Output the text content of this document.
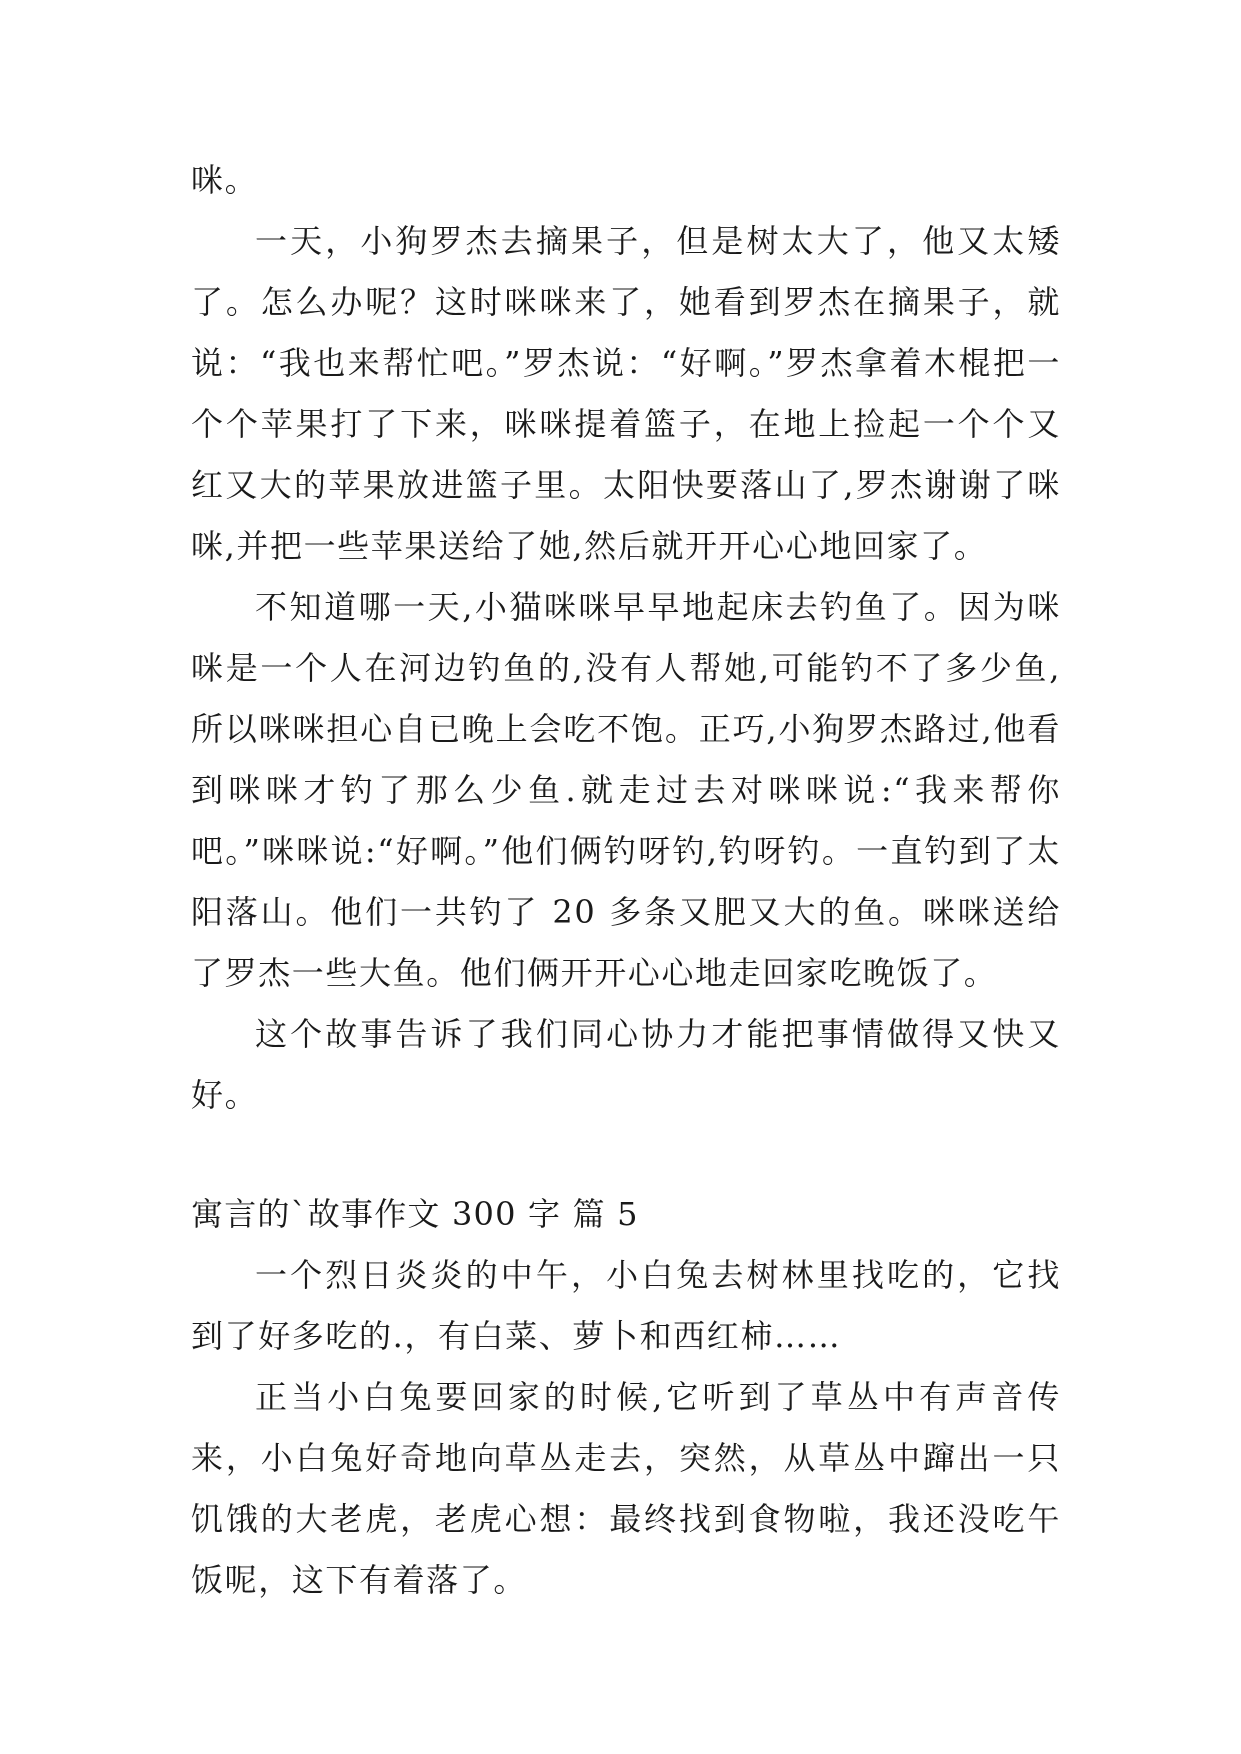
咪。

一天，小狗罗杰去摘果子，但是树太大了，他又太矮了。怎么办呢？这时咪咪来了，她看到罗杰在摘果子，就说：“我也来帮忙吧。”罗杰说：“好啊。”罗杰拿着木棍把一个个苹果打了下来，咪咪提着篮子，在地上捡起一个个又红又大的苹果放进篮子里。太阳快要落山了,罗杰谢谢了咪咪,并把一些苹果送给了她,然后就开开心心地回家了。

不知道哪一天,小猫咪咪早早地起床去钓鱼了。因为咪咪是一个人在河边钓鱼的,没有人帮她,可能钓不了多少鱼,所以咪咪担心自已晚上会吃不饱。正巧,小狗罗杰路过,他看到咪咪才钓了那么少鱼.就走过去对咪咪说:“我来帮你吧。”咪咪说:“好啊。”他们俩钓呀钓,钓呀钓。一直钓到了太阳落山。他们一共钓了 20 多条又肥又大的鱼。咪咪送给了罗杰一些大鱼。他们俩开开心心地走回家吃晚饭了。

这个故事告诉了我们同心协力才能把事情做得又快又好。

寓言的`故事作文 300 字 篇 5

一个烈日炎炎的中午，小白兔去树林里找吃的，它找到了好多吃的.，有白菜、萝卜和西红柿……

正当小白兔要回家的时候,它听到了草丛中有声音传来，小白兔好奇地向草丛走去，突然，从草丛中蹿出一只饥饿的大老虎，老虎心想：最终找到食物啦，我还没吃午饭呢，这下有着落了。
